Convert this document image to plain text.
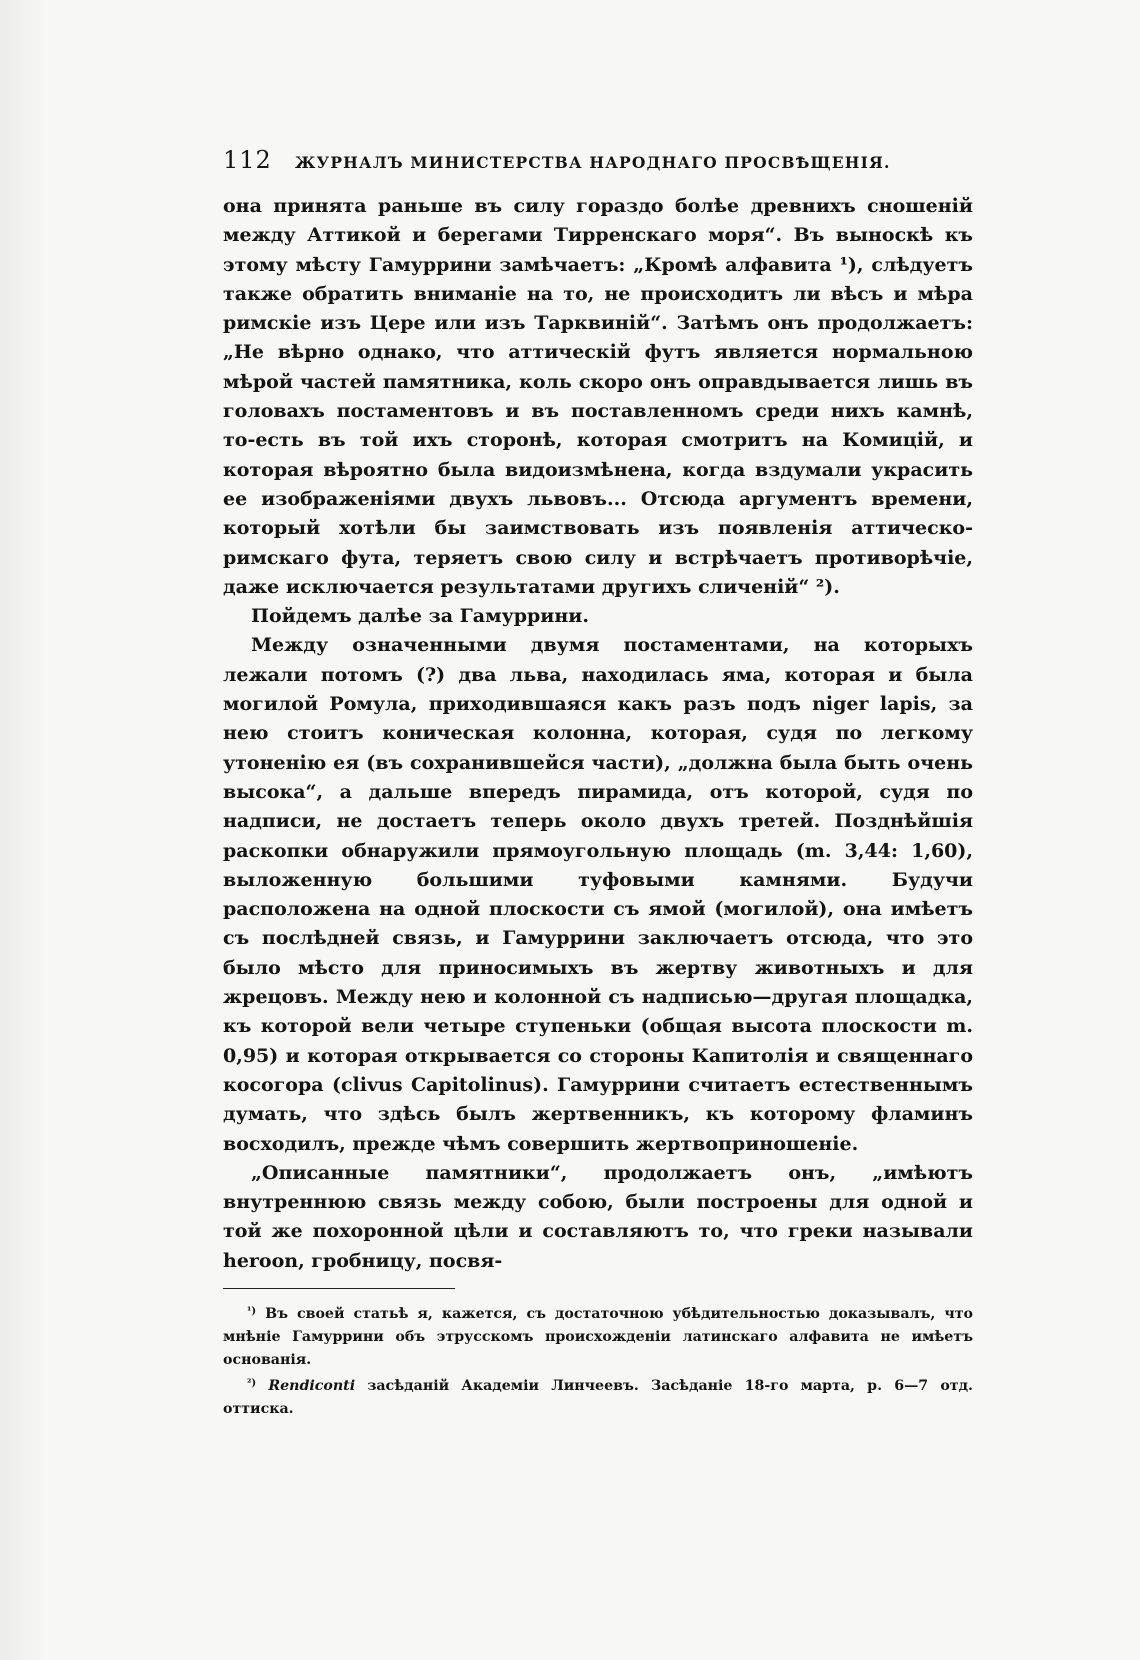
112	ЖУРНАЛЪ МИНИСТЕРСТВА НАРОДНАГО ПРОСВѢЩЕНІЯ.

она принята раньше въ силу гораздо болѣе древнихъ сношеній между Аттикой и берегами Тирренскаго моря“. Въ выноскѣ къ этому мѣсту Гамуррини замѣчаетъ: „Кромѣ алфавита ¹), слѣдуетъ также обратить вниманіе на то, не происходитъ ли вѣсъ и мѣра римскіе изъ Цере или изъ Тарквиній“. Затѣмъ онъ продолжаетъ: „Не вѣрно однако, что аттическій футъ является нормальною мѣрой частей памятника, коль скоро онъ оправдывается лишь въ головахъ постаментовъ и въ поставленномъ среди нихъ камнѣ, то-есть въ той ихъ сторонѣ, которая смотритъ на Комицій, и которая вѣроятно была видоизмѣнена, когда вздумали украсить ее изображеніями двухъ львовъ... Отсюда аргументъ времени, который хотѣли бы заимствовать изъ появленія аттическо-римскаго фута, теряетъ свою силу и встрѣчаетъ противорѣчіе, даже исключается результатами другихъ сличеній“ ²).

Пойдемъ далѣе за Гамуррини.

Между означенными двумя постаментами, на которыхъ лежали потомъ (?) два льва, находилась яма, которая и была могилой Ромула, приходившаяся какъ разъ подъ niger lapis, за нею стоитъ коническая колонна, которая, судя по легкому утоненію ея (въ сохранившейся части), „должна была быть очень высока“, а дальше впередъ пирамида, отъ которой, судя по надписи, не достаетъ теперь около двухъ третей. Позднѣйшія раскопки обнаружили прямоугольную площадь (m. 3,44: 1,60), выложенную большими туфовыми камнями. Будучи расположена на одной плоскости съ ямой (могилой), она имѣетъ съ послѣдней связь, и Гамуррини заключаетъ отсюда, что это было мѣсто для приносимыхъ въ жертву животныхъ и для жрецовъ. Между нею и колонной съ надписью—другая площадка, къ которой вели четыре ступеньки (общая высота плоскости m. 0,95) и которая открывается со стороны Капитолія и священнаго косогора (clivus Capitolinus). Гамуррини считаетъ естественнымъ думать, что здѣсь былъ жертвенникъ, къ которому фламинъ восходилъ, прежде чѣмъ совершить жертвоприношеніе.

„Описанные памятники“, продолжаетъ онъ, „имѣютъ внутреннюю связь между собою, были построены для одной и той же похоронной цѣли и составляютъ то, что греки называли heroon, гробницу, посвя-

$^{^1)}$ Въ своей статьѣ я, кажется, съ достаточною убѣдительностью доказывалъ, что мнѣніе Гамуррини объ этрусскомъ происхожденіи латинскаго алфавита не имѣетъ основанія.

$^{^2)}$ Rendiconti засѣданій Академіи Линчеевъ. Засѣданіе 18-го марта, р. 6—7 отд. оттиска.
